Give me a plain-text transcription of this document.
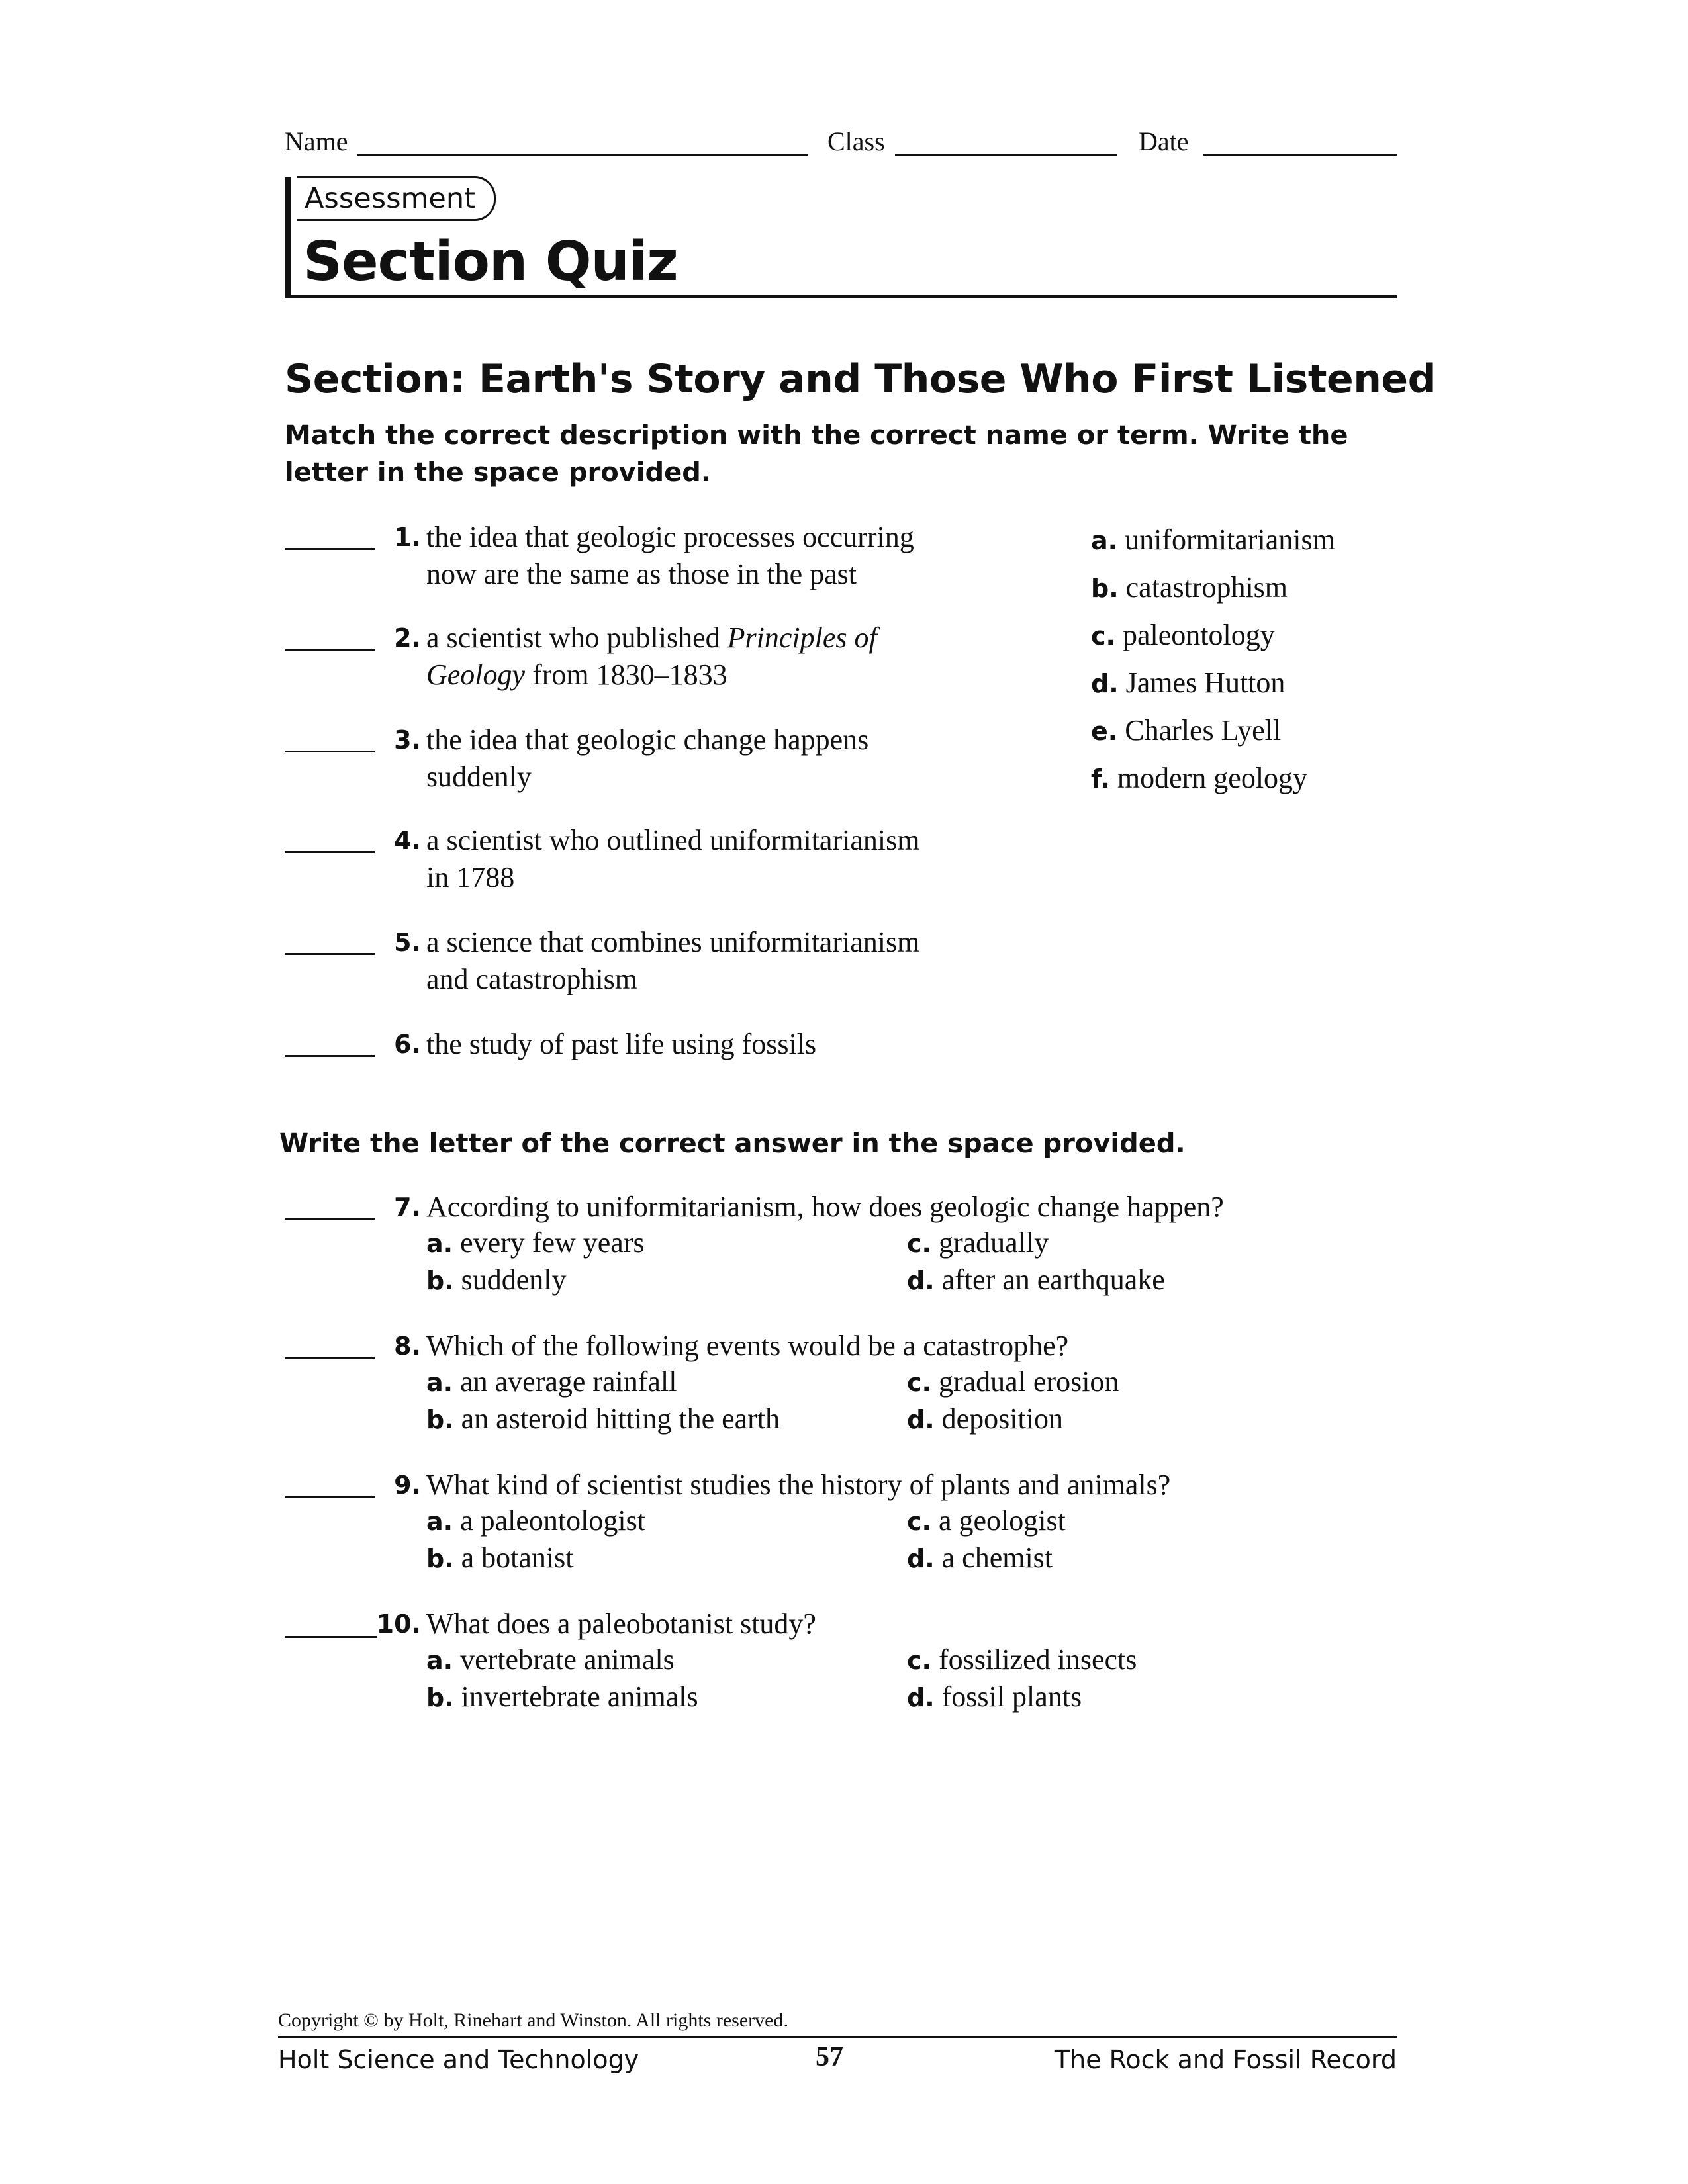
Name	Class	Date
Assessment
Section Quiz
Section: Earth's Story and Those Who First Listened
Match the correct description with the correct name or term. Write the letter in the space provided.
1. the idea that geologic processes occurring
now are the same as those in the past
2. a scientist who published Principles of
Geology from 1830–1833
3. the idea that geologic change happens
suddenly
4. a scientist who outlined uniformitarianism
in 1788
5. a science that combines uniformitarianism
and catastrophism
6. the study of past life using fossils
a. uniformitarianism
b. catastrophism
c. paleontology
d. James Hutton
e. Charles Lyell
f. modern geology
Write the letter of the correct answer in the space provided.
7. According to uniformitarianism, how does geologic change happen?
a. every few years
b. suddenly
c. gradually
d. after an earthquake
8. Which of the following events would be a catastrophe?
a. an average rainfall
b. an asteroid hitting the earth
c. gradual erosion
d. deposition
9. What kind of scientist studies the history of plants and animals?
a. a paleontologist
b. a botanist
c. a geologist
d. a chemist
10. What does a paleobotanist study?
a. vertebrate animals
b. invertebrate animals
c. fossilized insects
d. fossil plants
Copyright © by Holt, Rinehart and Winston. All rights reserved.
Holt Science and Technology	57	The Rock and Fossil Record
